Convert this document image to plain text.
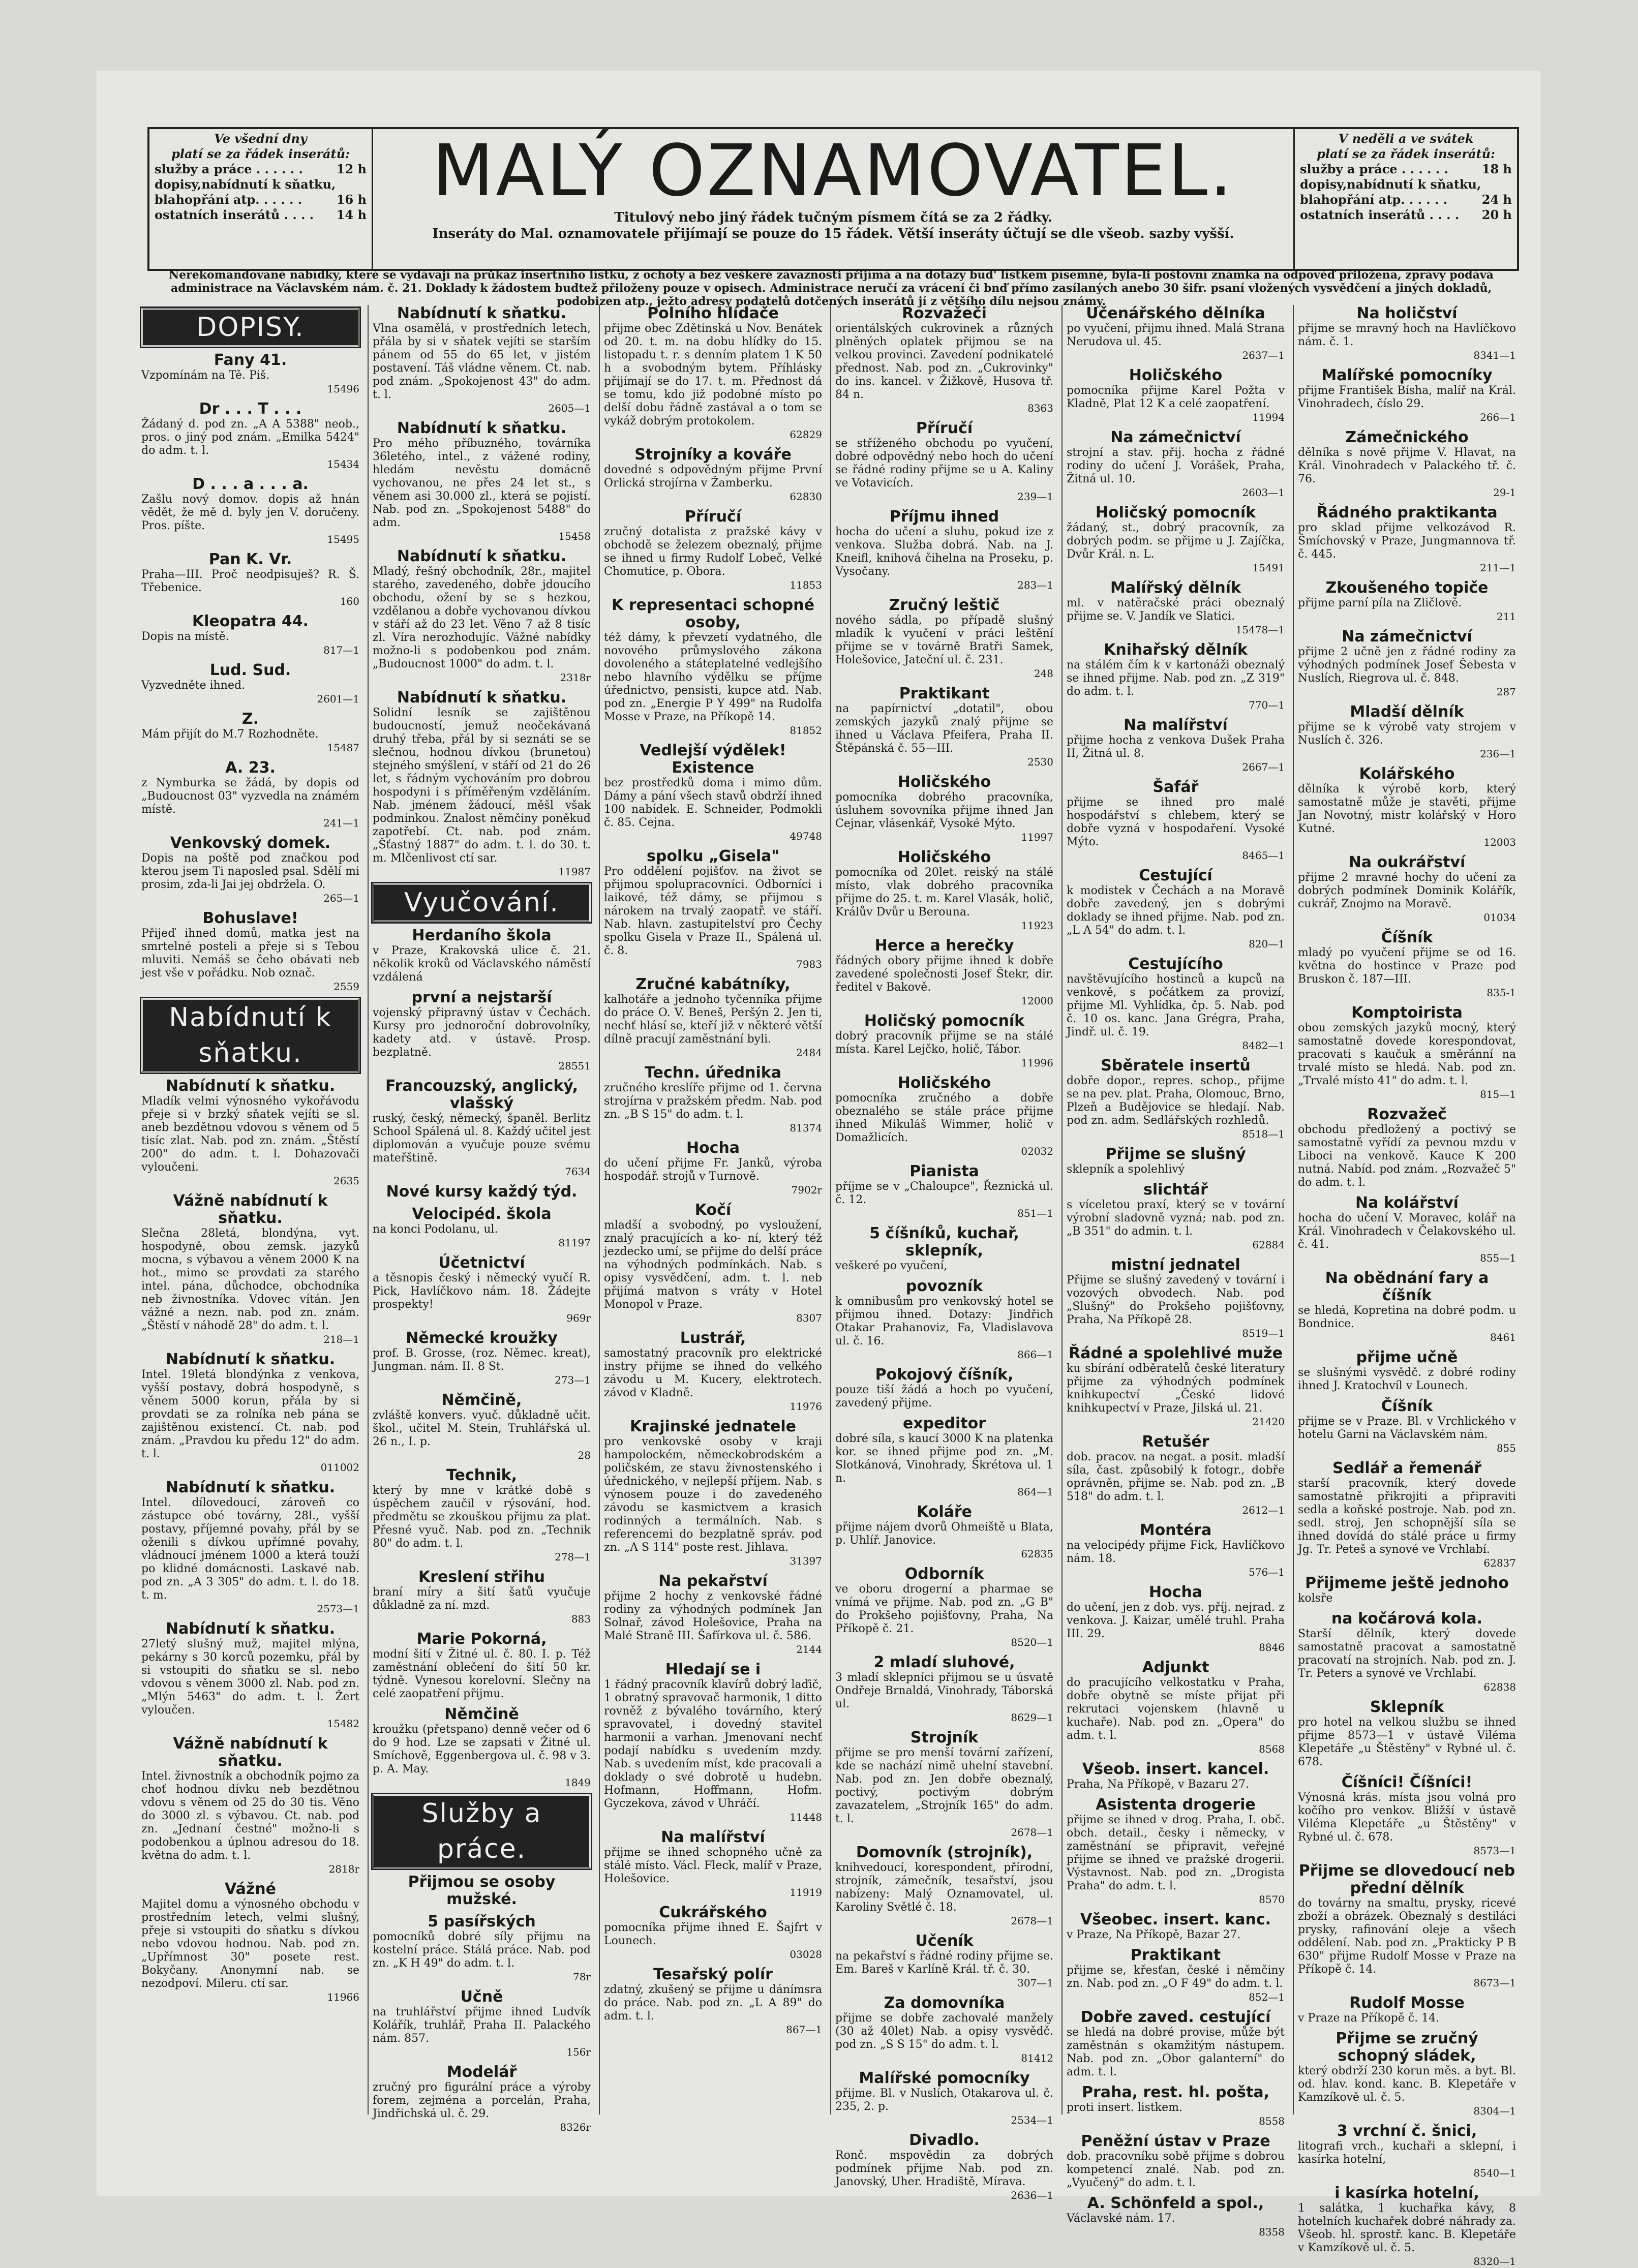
Ve všední dny
platí se za řádek inserátů:
služby a práce . . . . . .	12 h
dopisy,nabídnutí k sňatku,
blahopřání atp. . . . . .	16 h
ostatních inserátů . . . . 14 h
MALÝ OZNAMOVATEL.
Titulový nebo jiný řádek tučným písmem čítá se za 2 řádky.
Inseráty do Mal. oznamovatele přijímají se pouze do 15 řádek. Větší inseráty účtují se dle všeob. sazby vyšší.
V neděli a ve svátek
platí se za řádek inserátů:
služby a práce . . . . . .	18 h
dopisy,nabídnutí k sňatku,
blahopřání atp. . . . . .	24 h
ostatních inserátů . . . . 20 h
Nerekomandované nabídky, které se vydávají na průkaz insertního lístku, z ochoty a bez veškeré závaznosti přijímá a na dotazy bud' lístkem písemně, byla-li poštovní známka na odpověď přiložena, zprávy podává administrace na Václavském nám. č. 21. Doklady k žádostem budtež přiloženy pouze v opisech. Administrace neručí za vrácení či bnď přímo zasílaných anebo 30 šifr. psaní vložených vysvědčení a jiných dokladů, podobizen atp., ježto adresy podatelů dotčených inserátů jí z většího dílu nejsou známy.
DOPISY.
Fany 41.

Vzpomínám na Tě. Piš.

15496
Dr . . . T . . .

Žádaný d. pod zn. „A A 5388" neob., pros. o jiný pod znám. „Emilka 5424" do adm. t. l.

15434
D . . . a . . . a.

Zašlu nový domov. dopis až hnán vědět, že mě d. byly jen V. doručeny. Pros. píšte.

15495
Pan K. Vr.

Praha—III. Proč neodpisuješ? R. Š. Třebenice.

160
Kleopatra 44.

Dopis na místě.

817—1
Lud. Sud.

Vyzvedněte ihned.

2601—1
Z.

Mám přijít do M.7 Rozhodněte.

15487
A. 23.

z Nymburka se žádá, by dopis od „Budoucnost 03" vyzvedla na známém místě.

241—1
Venkovský domek.

Dopis na poště pod značkou pod kterou jsem Ti naposled psal. Sdělí mi prosim, zda-li Jai jej obdržela. O.

265—1
Bohuslave!

Přijeď ihned domů, matka jest na smrtelné posteli a přeje si s Tebou mluviti. Nemáš se čeho obávati neb jest vše v pořádku. Nob označ.

2559
Nabídnutí k sňatku.
Nabídnutí k sňatku.

Mladík velmi výnosného vykořávodu přeje si v brzký sňatek vejíti se sl. aneb bezdětnou vdovou s věnem od 5 tisíc zlat. Nab. pod zn. znám. „Štěstí 200" do adm. t. l. Dohazovači vyloučeni.

2635
Vážně nabídnutí k sňatku.

Slečna 28letá, blondýna, vyt. hospodyně, obou zemsk. jazyků mocna, s výbavou a věnem 2000 K na hot., mimo se provdati za starého intel. pána, důchodce, obchodníka neb živnostníka. Vdovec vítán. Jen vážné a nezn. nab. pod zn. znám. „Štěstí v náhodě 28" do adm. t. l.

218—1
Nabídnutí k sňatku.

Intel. 19letá blondýnka z venkova, vyšší postavy, dobrá hospodyně, s věnem 5000 korun, přála by si provdati se za rolníka neb pána se zajištěnou existencí. Ct. nab. pod znám. „Pravdou ku předu 12" do adm. t. l.

011002
Nabídnutí k sňatku.

Intel. dílovedoucí, zároveň co zástupce obé továrny, 28l., vyšší postavy, příjemné povahy, přál by se oženili s dívkou upřímné povahy, vládnoucí jménem 1000 a která touží po klidné domácnosti. Laskavé nab. pod zn. „A 3 305" do adm. t. l. do 18. t. m.

2573—1
Nabídnutí k sňatku.

27letý slušný muž, majitel mlýna, pekárny s 30 korců pozemku, přál by si vstoupiti do sňatku se sl. nebo vdovou s věnem 3000 zl. Nab. pod zn. „Mlýn 5463" do adm. t. l. Žert vyloučen.

15482
Vážně nabídnutí k sňatku.

Intel. živnostník a obchodník pojmo za choť hodnou dívku neb bezdětnou vdovu s věnem od 25 do 30 tis. Věno do 3000 zl. s výbavou. Ct. nab. pod zn. „Jednaní čestné" možno-li s podobenkou a úplnou adresou do 18. května do adm. t. l.

2818r
Vážné

Majitel domu a výnosného obchodu v prostředním letech, velmi slušný, přeje si vstoupiti do sňatku s dívkou nebo vdovou hodnou. Nab. pod zn. „Upřímnost 30" posete rest. Bokyčany. Anonymní nab. se nezodpoví. Mileru. ctí sar.

11966
Nabídnutí k sňatku.

Vlna osamělá, v prostředních letech, přála by si v sňatek vejíti se starším pánem od 55 do 65 let, v jistém postavení. Táš vládne věnem. Ct. nab. pod znám. „Spokojenost 43" do adm. t. l.

2605—1
Nabídnutí k sňatku.

Pro mého příbuzného, továrníka 36letého, intel., z vážené rodiny, hledám nevěstu domácně vychovanou, ne přes 24 let st., s věnem asi 30.000 zl., která se pojistí. Nab. pod zn. „Spokojenost 5488" do adm.

15458
Nabídnutí k sňatku.

Mladý, řešný obchodník, 28r., majitel starého, zavedeného, dobře jdoucího obchodu, ožení by se s hezkou, vzdělanou a dobře vychovanou dívkou v stáří až do 23 let. Věno 7 až 8 tisíc zl. Víra nerozhodujíc. Vážné nabídky možno-li s podobenkou pod znám. „Budoucnost 1000" do adm. t. l.

2318r
Nabídnutí k sňatku.

Solidní lesník se zajištěnou budoucností, jemuž neočekávaná druhý třeba, přál by si seznáti se se slečnou, hodnou dívkou (brunetou) stejného smýšlení, v stáří od 21 do 26 let, s řádným vychováním pro dobrou hospodyni i s příměřeným vzděláním. Nab. jménem žádoucí, měšl však podmínkou. Znalost němčiny poněkud zapotřebí. Ct. nab. pod znám. „Šťastný 1887" do adm. t. l. do 30. t. m. Mlčenlivost ctí sar.

11987
Vyučování.
Herdaního škola

v Praze, Krakovská ulice č. 21. několik kroků od Václavského náměstí vzdálená

první a nejstarší

vojenský připravný ústav v Čechách. Kursy pro jednoroční dobrovolníky, kadety atd. v ústavě. Prosp. bezplatně.

28551
Francouzský, anglický, vlašský

ruský, český, německý, španěl. Berlitz School Spálená ul. 8. Každý učitel jest diplomován a vyučuje pouze svému mateřštině.

7634
Nové kursy každý týd.

Velocipéd. škola

na konci Podolanu, ul.

81197
Účetnictví

a těsnopis český i německý vyučí R. Pick, Havlíčkovo nám. 18. Žádejte prospekty!

969r
Německé kroužky

prof. B. Grosse, (roz. Němec. kreat), Jungman. nám. II. 8 St.

273—1
Němčině,

zvláště konvers. vyuč. důkladně učit. škol., učitel M. Stein, Truhlářská ul. 26 n., I. p.

28
Technik,

který by mne v krátké době s úspěchem zaučil v rýsování, hod. předmětu se zkouškou přijmu za plat. Přesné vyuč. Nab. pod zn. „Technik 80" do adm. t. l.

278—1
Kreslení střihu

braní míry a šití šatů vyučuje důkladně za ní. mzd.

883
Marie Pokorná,

modní šití v Žitné ul. č. 80. I. p. Též zaměstnání oblečení do šití 50 kr. týdně. Vynesou korelovní. Slečny na celé zaopatření přijmu.

Němčině

kroužku (přetspano) denně večer od 6 do 9 hod. Lze se zapsati v Žitné ul. Smíchově, Eggenbergova ul. č. 98 v 3. p. A. May.

1849
Služby a práce.
Přijmou se osoby mužské.

5 pasířských

pomocníků dobré síly přijmu na kostelní práce. Stálá práce. Nab. pod zn. „K H 49" do adm. t. l.

78r
Učně

na truhlářství přijme ihned Ludvík Kolářík, truhlář, Praha II. Palackého nám. 857.

156r
Modelář

zručný pro figurální práce a výroby forem, zejména a porcelán, Praha, Jindřichská ul. č. 29.

8326r
Polního hlídače

přijme obec Zdětinská u Nov. Benátek od 20. t. m. na dobu hlídky do 15. listopadu t. r. s denním platem 1 K 50 h a svobodným bytem. Příhlásky přijímají se do 17. t. m. Přednost dá se tomu, kdo již podobné místo po delší dobu řádně zastával a o tom se vykáž dobrým protokolem.

62829
Strojníky a kováře

dovedné s odpovědným přijme První Orlická strojírna v Žamberku.

62830
Příručí

zručný dotalista z pražské kávy v obchodě se železem obeznalý, přijme se ihned u firmy Rudolf Lobeč, Velké Chomutice, p. Obora.

11853
K representaci schopné osoby,

též dámy, k převzetí vydatného, dle novového průmyslového zákona dovoleného a státeplatelné vedlejšího nebo hlavního výdělku se příjme úřednictvo, pensisti, kupce atd. Nab. pod zn. „Energie P Y 499" na Rudolfa Mosse v Praze, na Příkopě 14.

81852
Vedlejší výdělek! Existence

bez prostředků doma i mimo dům. Dámy a pání všech stavů obdrží ihned 100 nabídek. E. Schneider, Podmokli č. 85. Cejna.

49748
spolku „Gisela"

Pro oddělení pojišťov. na život se přijmou spolupracovníci. Odborníci i laikové, též dámy, se přijmou s nárokem na trvalý zaopatř. ve stáří. Nab. hlavn. zastupitelství pro Čechy spolku Gisela v Praze II., Spálená ul. č. 8.

7983
Zručné kabátníky,

kalhotáře a jednoho tyčenníka přijme do práce O. V. Beneš, Peršýn 2. Jen ti, nechť hlásí se, kteří již v některé větší dílně pracují zaměstnání byli.

2484
Techn. úřednika

zručného kreslíře přijme od 1. června strojírna v pražském předm. Nab. pod zn. „B S 15" do adm. t. l.

81374
Hocha

do učení přijme Fr. Janků, výroba hospodář. strojů v Turnově.

7902r
Kočí

mladší a svobodný, po vysloužení, znalý pracujících a ko- ní, který též jezdecko umí, se přijme do delší práce na výhodných podmínkách. Nab. s opisy vysvědčení, adm. t. l. neb přijímá matvon s vráty v Hotel Monopol v Praze.

8307
Lustrář,

samostatný pracovník pro elektrické instry přijme se ihned do velkého závodu u M. Kucery, elektrotech. závod v Kladně.

11976
Krajinské jednatele

pro venkovské osoby v kraji hampolockém, německobrodském a poličském, ze stavu živnostenského i úřednického, v nejlepší příjem. Nab. s výnosem pouze i do zavedeného závodu se kasmictvem a krasich rodinných a termálních. Nab. s referencemi do bezplatně správ. pod zn. „A S 114" poste rest. Jihlava.

31397
Na pekařství

přijme 2 hochy z venkovské řádné rodiny za výhodných podmínek Jan Solnař, závod Holešovice, Praha na Malé Straně III. Šafírkova ul. č. 586.

2144
Hledají se i

1 řádný pracovník klavírů dobrý laďič, 1 obratný spravovač harmonik, 1 ditto rovněž z bývalého továrního, který spravovatel, i dovedný stavitel harmonií a varhan. Jmenovaní nechť podají nabídku s uvedením mzdy. Nab. s uvedením míst, kde pracovali a doklady o své dobrotě u hudebn. Hofmann, Hoffmann, Hofm. Gyczekova, závod v Uhráčí.

11448
Na malířství

přijme se ihned schopného učně za stálé místo. Václ. Fleck, malíř v Praze, Holešovice.

11919
Cukrářského

pomocníka přijme ihned E. Šajfrt v Lounech.

03028
Tesařský polír

zdatný, zkušený se přijme u dánímsra do práce. Nab. pod zn. „L A 89" do adm. t. l.

867—1
Rozvažeči

orientálských cukrovinek a různých plněných oplatek přijmou se na velkou provinci. Zavedení podnikatelé přednost. Nab. pod zn. „Cukrovinky" do ins. kancel. v Žižkově, Husova tř. 84 n.

8363
Příručí

se stříženého obchodu po vyučení, dobré odpovědný nebo hoch do učení se řádné rodiny přijme se u A. Kaliny ve Votavicích.

239—1
Příjmu ihned

hocha do učení a sluhu, pokud ize z venkova. Služba dobrá. Nab. na J. Kneifl, knihová čihelna na Proseku, p. Vysočany.

283—1
Zručný leštič

nového sádla, po případě slušný mladík k vyučení v práci leštění přijme se v továrně Bratři Samek, Holešovice, Jateční ul. č. 231.

248
Praktikant

na papírnictví „dotatil", obou zemských jazyků znalý přijme se ihned u Václava Pfeifera, Praha II. Štěpánská č. 55—III.

2530
Holičského

pomocníka dobrého pracovníka, úsluhem sovovníka přijme ihned Jan Cejnar, vlásenkář, Vysoké Mýto.

11997
Holičského

pomocníka od 20let. reiský na stálé místo, vlak dobrého pracovníka přijme do 25. t. m. Karel Vlasák, holič, Králův Dvůr u Berouna.

11923
Herce a herečky

řádných obory přijme ihned k dobře zavedené společnosti Josef Štekr, dir. ředitel v Bakově.

12000
Holičský pomocník

dobrý pracovník přijme se na stálé místa. Karel Lejčko, holič, Tábor.

11996
Holičského

pomocníka zručného a dobře obeznalého se stále práce přijme ihned Mikuláš Wimmer, holič v Domažlicích.

02032
Pianista

příjme se v „Chaloupce", Řeznická ul. č. 12.

851—1
5 číšníků, kuchař, sklepník,

veškeré po vyučení,

povozník

k omnibusům pro venkovský hotel se přijmou ihned. Dotazy: Jindřich Otakar Prahanoviz, Fa, Vladislavova ul. č. 16.

866—1
Pokojový číšník,

pouze tiší žádá a hoch po vyučení, zavedený přijme.

expeditor

dobré síla, s kaucí 3000 K na platenka kor. se ihned přijme pod zn. „M. Slotkánová, Vinohrady, Škrétova ul. 1 n.

864—1
Koláře

přijme nájem dvorů Ohmeiště u Blata, p. Uhlíř. Janovice.

62835
Odborník

ve oboru drogerní a pharmae se vnímá ve přijme. Nab. pod zn. „G B" do Prokšeho pojišťovny, Praha, Na Příkopě č. 21.

8520—1
2 mladí sluhové,

3 mladí sklepníci přijmou se u úsvatě Ondřeje Brnaldá, Vinohrady, Táborská ul.

8629—1
Strojník

přijme se pro menší tovární zařízení, kde se nachází nimě uhelní stavební. Nab. pod zn. Jen dobře obeznalý, poctivý, poctivým dobrým zavazatelem, „Strojník 165" do adm. t. l.

2678—1
Domovník (strojník),

knihvedoucí, korespondent, přírodní, strojník, zámečník, tesařství, jsou nabízeny: Malý Oznamovatel, ul. Karoliny Světlé č. 18.

2678—1
Učeník

na pekařství s řádné rodiny přijme se. Em. Bareš v Karlíně Král. tř. č. 30.

307—1
Za domovníka

přijme se dobře zachovalé manžely (30 až 40let) Nab. a opisy vysvědč. pod zn. „S S 15" do adm. t. l.

81412
Malířské pomocníky

přijme. Bl. v Nuslích, Otakarova ul. č. 235, 2. p.

2534—1
Divadlo.

Ronč. mspovědin za dobrých podmínek přijme Nab. pod zn. Janovský, Uher. Hradiště, Mírava.

2636—1
Učenářského dělníka

po vyučení, přijmu ihned. Malá Strana Nerudova ul. 45.

2637—1
Holičského

pomocníka přijme Karel Požta v Kladně, Plat 12 K a celé zaopatření.

11994
Na zámečnictví

strojní a stav. přij. hocha z řádné rodiny do učení J. Vorášek, Praha, Žitná ul. 10.

2603—1
Holičský pomocník

žádaný, st., dobrý pracovník, za dobrých podm. se přijme u J. Zajíčka, Dvůr Král. n. L.

15491
Malířský dělník

ml. v natěračské práci obeznalý přijme se. V. Jandík ve Slatici.

15478—1
Knihařský dělník

na stálém čím k v kartonáži obeznalý se ihned přijme. Nab. pod zn. „Z 319" do adm. t. l.

770—1
Na malířství

přijme hocha z venkova Dušek Praha II, Žitná ul. 8.

2667—1
Šafář

přijme se ihned pro malé hospodářství s chlebem, který se dobře vyzná v hospodaření. Vysoké Mýto.

8465—1
Cestující

k modistek v Čechách a na Moravě dobře zavedený, jen s dobrými doklady se ihned přijme. Nab. pod zn. „L A 54" do adm. t. l.

820—1
Cestujícího

navštěvujícího hostinců a kupců na venkově, s počátkem za provizí, přijme Ml. Vyhlídka, čp. 5. Nab. pod č. 10 os. kanc. Jana Grégra, Praha, Jindř. ul. č. 19.

8482—1
Sběratele insertů

dobře dopor., repres. schop., přijme se na pev. plat. Praha, Olomouc, Brno, Plzeň a Budějovice se hledají. Nab. pod zn. adm. Sedlářských rozhledů.

8518—1
Přijme se slušný

sklepník a spolehlivý

slichtář

s víceletou praxí, který se v tovární výrobní sladovně vyzná; nab. pod zn. „B 351" do admin. t. l.

62884
mistní jednatel

Přijme se slušný zavedený v tovární i vozových obvodech. Nab. pod „Slušný" do Prokšeho pojišťovny, Praha, Na Příkopě 28.

8519—1
Řádné a spolehlivé muže

ku sbírání odběratelů české literatury přijme za výhodných podmínek knihkupectví „České lidové knihkupectví v Praze, Jilská ul. 21.

21420
Retušér

dob. pracov. na negat. a posit. mladší síla, čast. způsobilý k fotogr., dobře oprávněn, přijme se. Nab. pod zn. „B 518" do adm. t. l.

2612—1
Montéra

na velocipédy přijme Fick, Havlíčkovo nám. 18.

576—1
Hocha

do učení, jen z dob. vys. příj. nejrad. z venkova. J. Kaizar, umělé truhl. Praha III. 29.

8846
Adjunkt

do pracujícího velkostatku v Praha, dobře obytně se míste přijat při rekrutaci vojenskem (hlavně u kuchaře). Nab. pod zn. „Opera" do adm. t. l.

8568
Všeob. insert. kancel.

Praha, Na Příkopě, v Bazaru 27.

Asistenta drogerie

přijme se ihned v drog. Praha, I. obč. obch. detail., česky i německy, v zaměstnání se připravit, veřejné přijme se ihned ve pražské drogerii. Výstavnost. Nab. pod zn. „Drogista Praha" do adm. t. l.

8570
Všeobec. insert. kanc.

v Praze, Na Příkopě, Bazar 27.

Praktikant

přijme se, křesťan, české i němčiny zn. Nab. pod zn. „O F 49" do adm. t. l.

852—1
Dobře zaved. cestující

se hledá na dobré provise, může být zaměstnán s okamžitým nástupem. Nab. pod zn. „Obor galanterní" do adm. t. l.

Praha, rest. hl. pošta,

proti insert. listkem.

8558
Peněžní ústav v Praze

dob. pracovníku sobě přijme s dobrou kompetencí znalé. Nab. pod zn. „Vyučený" do adm. t. l.

A. Schönfeld a spol.,

Václavské nám. 17.

8358
Na holičství

přijme se mravný hoch na Havlíčkovo nám. č. 1.

8341—1
Malířské pomocníky

přijme František Bísha, malíř na Král. Vinohradech, číslo 29.

266—1
Zámečnického

dělníka s nově přijme V. Hlavat, na Král. Vinohradech v Palackého tř. č. 76.

29-1
Řádného praktikanta

pro sklad přijme velkozávod R. Šmíchovský v Praze, Jungmannova tř. č. 445.

211—1
Zkoušeného topiče

přijme parní píla na Zličlově.

211
Na zámečnictví

přijme 2 učně jen z řádné rodiny za výhodných podmínek Josef Šebesta v Nuslích, Riegrova ul. č. 848.

287
Mladší dělník

přijme se k výrobě vaty strojem v Nuslích č. 326.

236—1
Kolářského

dělníka k výrobě korb, který samostatně může je stavěti, přijme Jan Novotný, mistr kolářský v Horo Kutné.

12003
Na oukrářství

přijme 2 mravné hochy do učení za dobrých podmínek Dominik Kolářík, cukrář, Znojmo na Moravě.

01034
Číšník

mladý po vyučení přijme se od 16. května do hostince v Praze pod Bruskon č. 187—III.

835-1
Komptoirista

obou zemských jazyků mocný, který samostatně dovede korespondovat, pracovati s kaučuk a směránní na trvalé místo se hledá. Nab. pod zn. „Trvalé místo 41" do adm. t. l.

815—1
Rozvažeč

obchodu předložený a poctivý se samostatně vyřídí za pevnou mzdu v Liboci na venkově. Kauce K 200 nutná. Nabíd. pod znám. „Rozvažeč 5" do adm. t. l.

Na kolářství

hocha do učení V. Moravec, kolář na Král. Vinohradech v Čelakovského ul. č. 41.

855—1
Na obědnání fary a číšník

se hledá, Kopretina na dobré podm. u Bondnice.

8461
přijme učně

se slušnými vysvědč. z dobré rodiny ihned J. Kratochvíl v Lounech.

Číšník

přijme se v Praze. Bl. v Vrchlického v hotelu Garni na Václavském nám.

855
Sedlář a řemenář

starší pracovník, který dovede samostatně přikrojiti a připraviti sedla a koňské postroje. Nab. pod zn. sedl. stroj, Jen schopnější síla se ihned dovídá do stálé práce u firmy Jg. Tr. Peteš a synové ve Vrchlabí.

62837
Přijmeme ještě jednoho

kolsře

na kočárová kola.

Starší dělník, který dovede samostatně pracovat a samostatně pracovatí na strojních. Nab. pod zn. J. Tr. Peters a synové ve Vrchlabí.

62838
Sklepník

pro hotel na velkou službu se ihned přijme 8573—1 v ústavě Viléma Klepetáře „u Štěstěny" v Rybné ul. č. 678.

Číšníci! Číšníci!

Výnosná krás. místa jsou volná pro kočího pro venkov. Bližší v ústavě Viléma Klepetáře „u Štěstěny" v Rybné ul. č. 678.

8573—1
Přijme se dlovedoucí neb přední dělník

do továrny na smaltu, prysky, ricevé zboží a obrázek. Obeznalý s destiláci prysky, rafinování oleje a všech oddělení. Nab. pod zn. „Prakticky P B 630" přijme Rudolf Mosse v Praze na Příkopě č. 14.

8673—1
Rudolf Mosse

v Praze na Příkopě č. 14.

Přijme se zručný schopný sládek,

který obdrží 230 korun měs. a byt. Bl. od. hlav. kond. kanc. B. Klepetáře v Kamzíkově ul. č. 5.

8304—1
3 vrchní č. šnici,

litografi vrch., kuchaři a sklepní, i kasírka hotelní,

8540—1
i kasírka hotelní,

1 salátka, 1 kuchařka kávy, 8 hotelních kuchařek dobré náhrady za. Všeob. hl. sprostř. kanc. B. Klepetáře v Kamzíkově ul. č. 5.

8320—1
